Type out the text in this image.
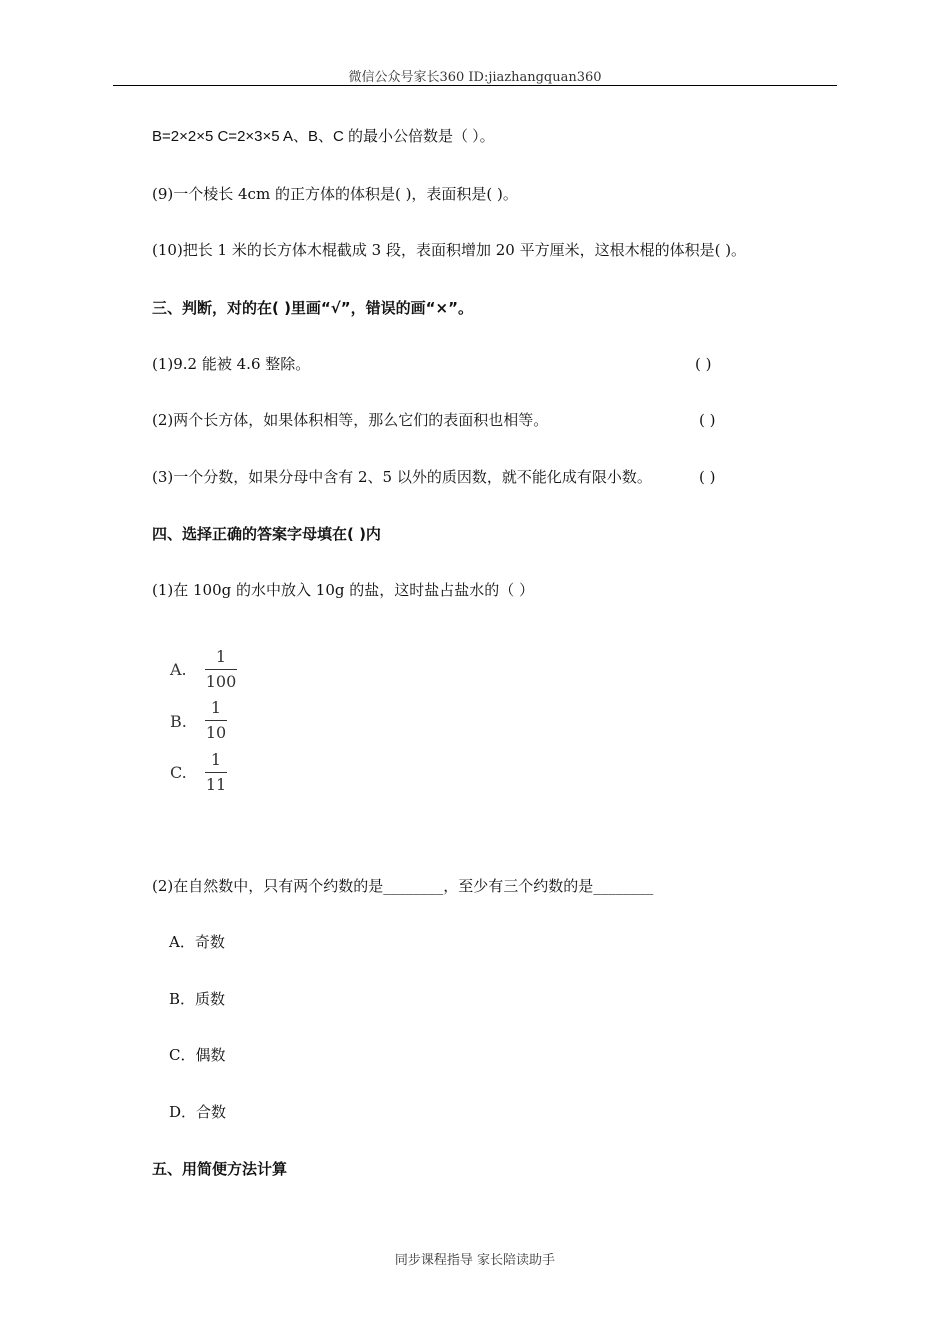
微信公众号家长360 ID:jiazhangquan360
B=2×2×5 C=2×3×5 A、B、C 的最小公倍数是（ ）。
(9)一个棱长 4cm 的正方体的体积是( )，表面积是( )。
(10)把长 1 米的长方体木棍截成 3 段，表面积增加 20 平方厘米，这根木棍的体积是( )。
三、判断，对的在( )里画“√”，错误的画“×”。
(1)9.2 能被 4.6 整除。	( )
(2)两个长方体，如果体积相等，那么它们的表面积也相等。	( )
(3)一个分数，如果分母中含有 2、5 以外的质因数，就不能化成有限小数。	( )
四、选择正确的答案字母填在( )内
(1)在 100g 的水中放入 10g 的盐，这时盐占盐水的（ ）
A.
1
100
B.
1
10
C.
1
11
(2)在自然数中，只有两个约数的是________，至少有三个约数的是________
A．奇数
B．质数
C．偶数
D．合数
五、用简便方法计算
同步课程指导 家长陪读助手
